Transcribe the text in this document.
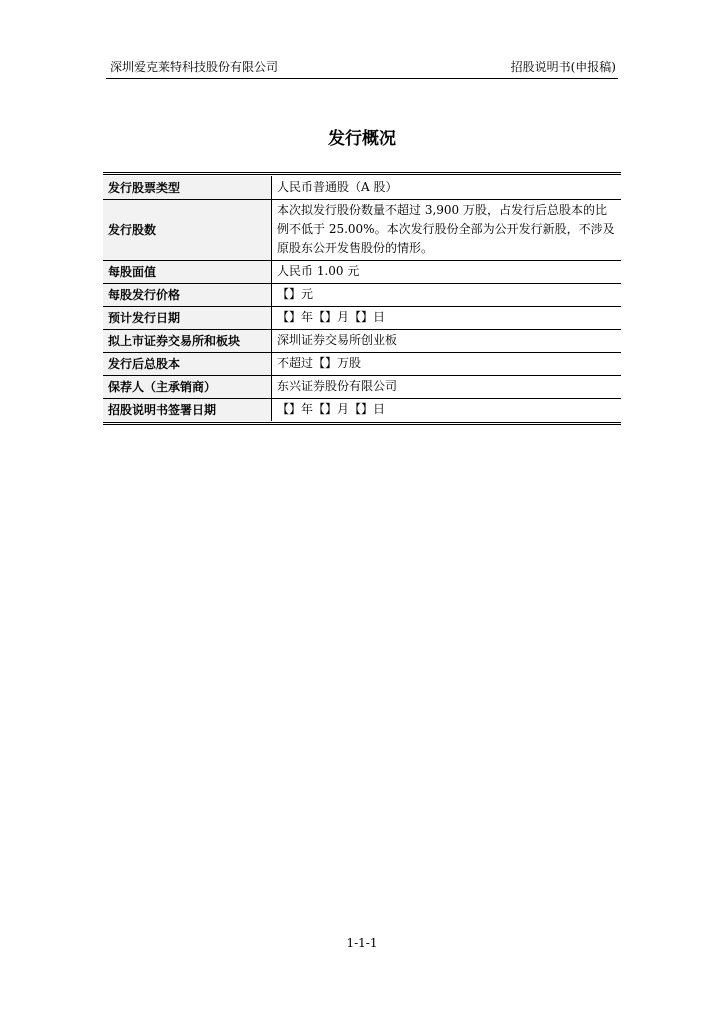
深圳爱克莱特科技股份有限公司	招股说明书(申报稿)
发行概况
发行股票类型	人民币普通股（A 股）
发行股数	本次拟发行股份数量不超过 3,900 万股，占发行后总股本的比例不低于 25.00%。本次发行股份全部为公开发行新股，不涉及原股东公开发售股份的情形。
每股面值	人民币 1.00 元
每股发行价格	【】元
预计发行日期	【】年【】月【】日
拟上市证券交易所和板块	深圳证券交易所创业板
发行后总股本	不超过【】万股
保荐人（主承销商）	东兴证券股份有限公司
招股说明书签署日期	【】年【】月【】日
1-1-1
